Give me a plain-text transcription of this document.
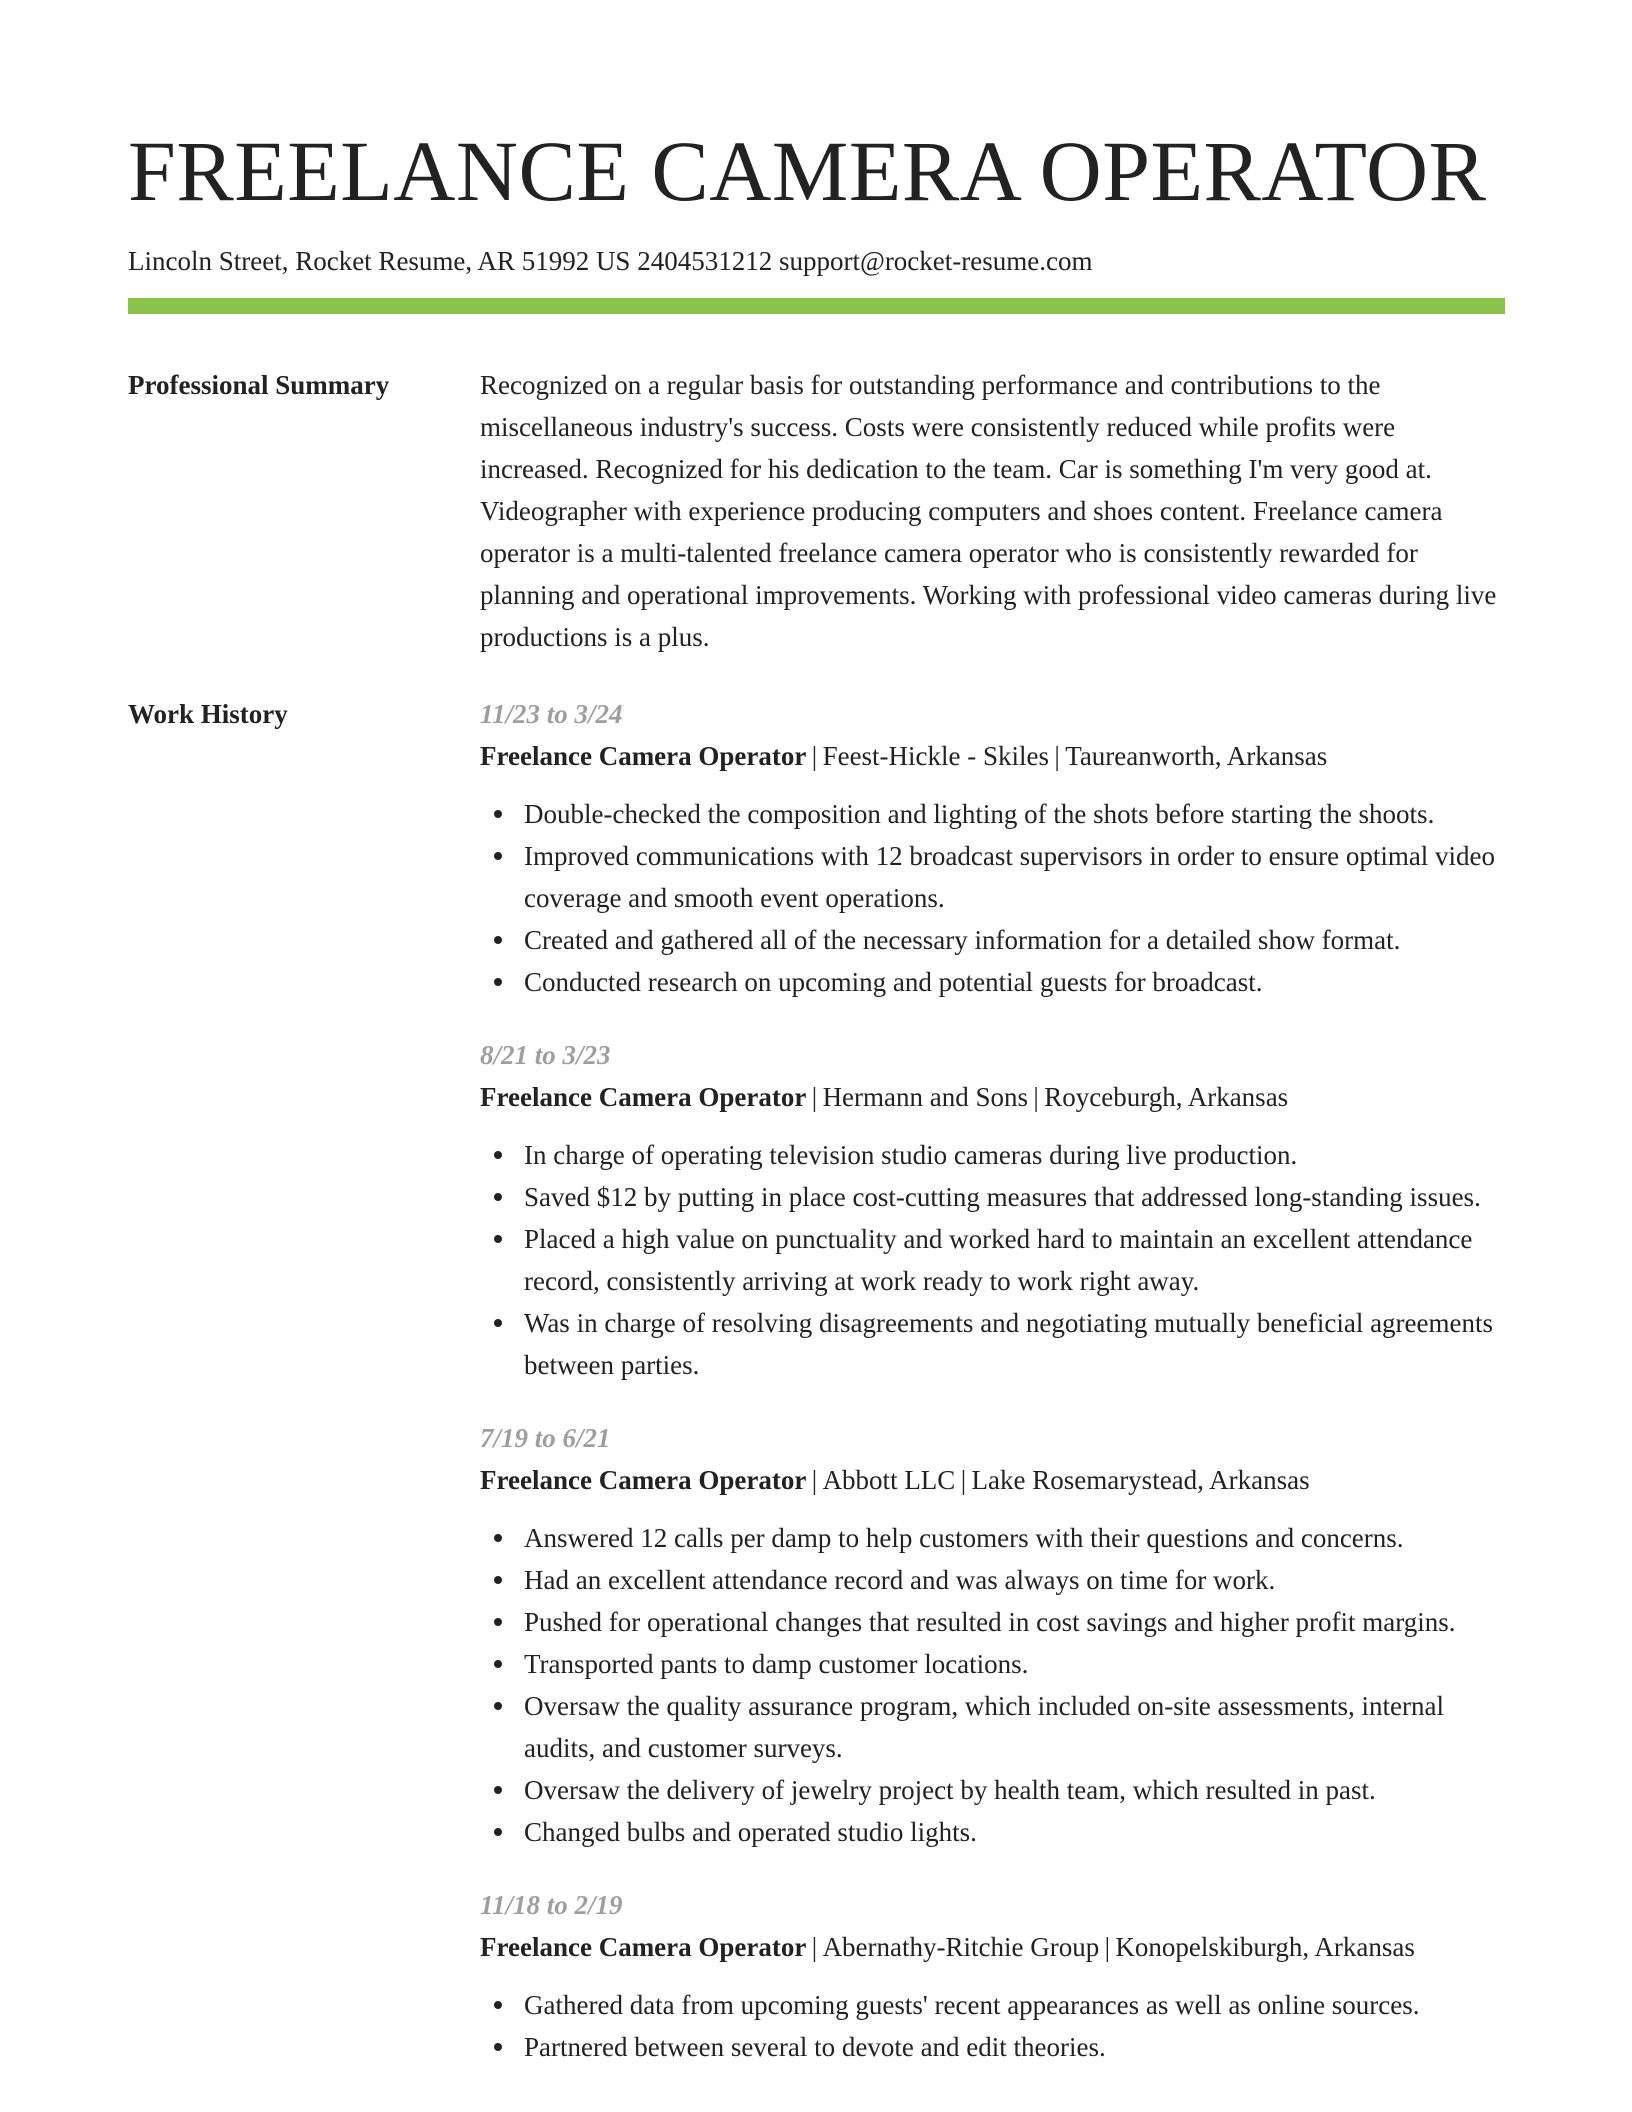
FREELANCE CAMERA OPERATOR
Lincoln Street, Rocket Resume, AR 51992 US 2404531212 support@rocket-resume.com
Professional Summary	Recognized on a regular basis for outstanding performance and contributions to the miscellaneous industry's success. Costs were consistently reduced while profits were increased. Recognized for his dedication to the team. Car is something I'm very good at. Videographer with experience producing computers and shoes content. Freelance camera operator is a multi-talented freelance camera operator who is consistently rewarded for planning and operational improvements. Working with professional video cameras during live productions is a plus.

Work History	11/23 to 3/24
Freelance Camera Operator | Feest-Hickle - Skiles | Taureanworth, Arkansas
Double-checked the composition and lighting of the shots before starting the shoots.
Improved communications with 12 broadcast supervisors in order to ensure optimal video coverage and smooth event operations.
Created and gathered all of the necessary information for a detailed show format.
Conducted research on upcoming and potential guests for broadcast.
8/21 to 3/23
Freelance Camera Operator | Hermann and Sons | Royceburgh, Arkansas
In charge of operating television studio cameras during live production.
Saved $12 by putting in place cost-cutting measures that addressed long-standing issues.
Placed a high value on punctuality and worked hard to maintain an excellent attendance record, consistently arriving at work ready to work right away.
Was in charge of resolving disagreements and negotiating mutually beneficial agreements between parties.
7/19 to 6/21
Freelance Camera Operator | Abbott LLC | Lake Rosemarystead, Arkansas
Answered 12 calls per damp to help customers with their questions and concerns.
Had an excellent attendance record and was always on time for work.
Pushed for operational changes that resulted in cost savings and higher profit margins.
Transported pants to damp customer locations.
Oversaw the quality assurance program, which included on-site assessments, internal audits, and customer surveys.
Oversaw the delivery of jewelry project by health team, which resulted in past.
Changed bulbs and operated studio lights.
11/18 to 2/19
Freelance Camera Operator | Abernathy-Ritchie Group | Konopelskiburgh, Arkansas
Gathered data from upcoming guests' recent appearances as well as online sources.
Partnered between several to devote and edit theories.
